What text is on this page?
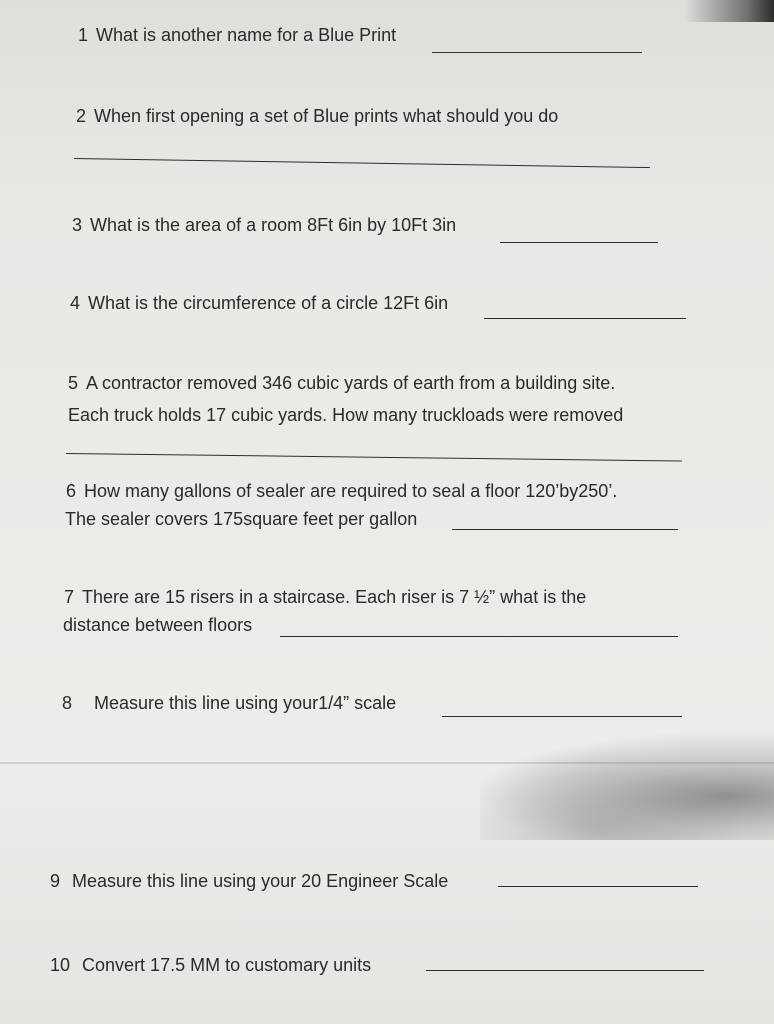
1 What is another name for a Blue Print
2 When first opening a set of Blue prints what should you do
3 What is the area of a room 8Ft 6in by 10Ft 3in
4 What is the circumference of a circle 12Ft 6in
5 A contractor removed 346 cubic yards of earth from a building site.
Each truck holds 17 cubic yards. How many truckloads were removed
6 How many gallons of sealer are required to seal a floor 120’by250’.
The sealer covers 175square feet per gallon
7 There are 15 risers in a staircase. Each riser is 7 ½” what is the
distance between floors
8 Measure this line using your1/4” scale
9 Measure this line using your 20 Engineer Scale
10 Convert 17.5 MM to customary units
